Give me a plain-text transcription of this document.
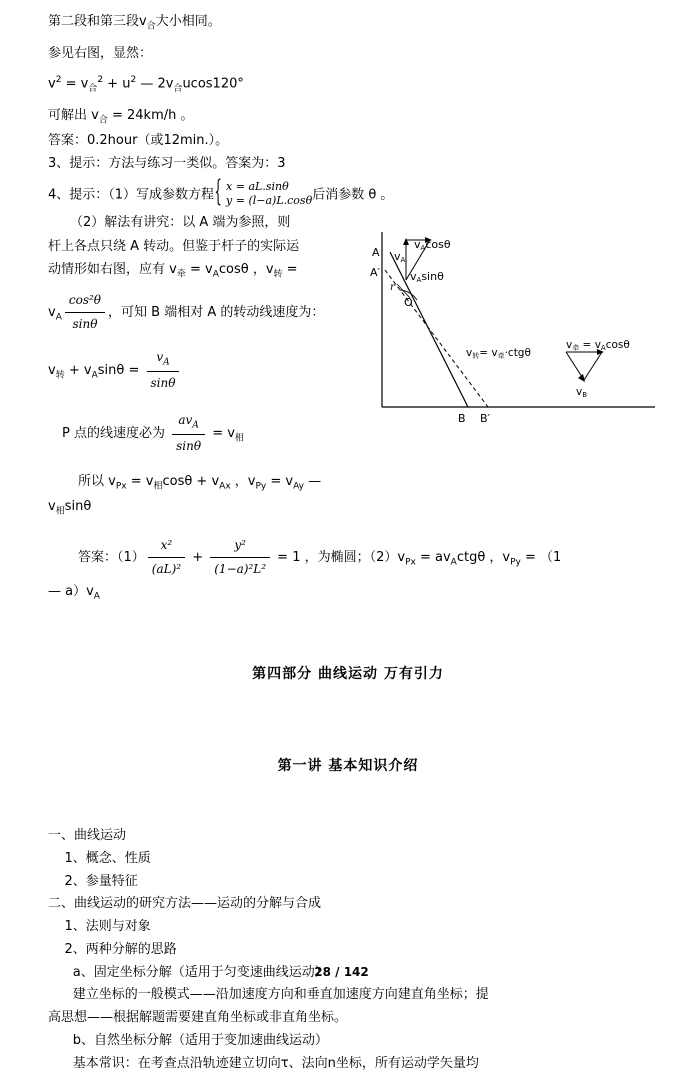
第二段和第三段$v_合$大小相同。
参见右图，显然：
$v^2 = v_合^2 + u^2$ — $2v_合ucos120^\circ$
可解出 $v_合 = 24km/h$ 。
答案：0.2hour（或12min.）。
3、提示：方法与练习一类似。答案为：3
4、提示：（1）写成参数方程
{ x = aL.sinθ
y = (l−a)L.cosθ 后消参数 θ 。
（2）解法有讲究：以 A 端为参照，则
杆上各点只绕 A 转动。但鉴于杆子的实际运
动情形如右图，应有 $v_牵 = v_A\cos\theta$ ，$v_转$ =
$v_A \frac{\text{cos²θ}}{\sin\theta}$ ，可知 B 端相对 A 的转动线速度为：
$v_转 + v_A\sin\theta = \frac{v_A}{\sin\theta}$
P 点的线速度必为 $\frac{av_A}{\sin\theta} = v_相$
所以 $v_{Px} = v_相\cos\theta + v_{Ax}$ ，$v_{Py} = v_{Ay}$ —
$v_相\sin\theta$
答案：$(1) \frac{\text{x²}}{\text{(aL)²}} + \frac{\text{y²}}{\text{(1−a)²L²}} = 1$ ，为椭圆；$(2)v_{Px} = av_Actg\theta$ ，$v_{Py} = (1$
— $a)v_A$
第四部分 曲线运动 万有引力
第一讲 基本知识介绍
一、曲线运动
1、概念、性质
2、参量特征
二、曲线运动的研究方法——运动的分解与合成
1、法则与对象
2、两种分解的思路
a、固定坐标分解（适用于匀变速曲线运动）
建立坐标的一般模式——沿加速度方向和垂直加速度方向建直角坐标；提
高思想——根据解题需要建直角坐标或非直角坐标。
b、自然坐标分解（适用于变加速曲线运动）
基本常识：在考查点沿轨迹建立切向τ、法向n坐标，所有运动学矢量均
A
A′
r
O
B B′
vA
vAcosθ
vAsinθ
v转= v牵·ctgθ
v牵 = vAcosθ
vB
28 / 142
